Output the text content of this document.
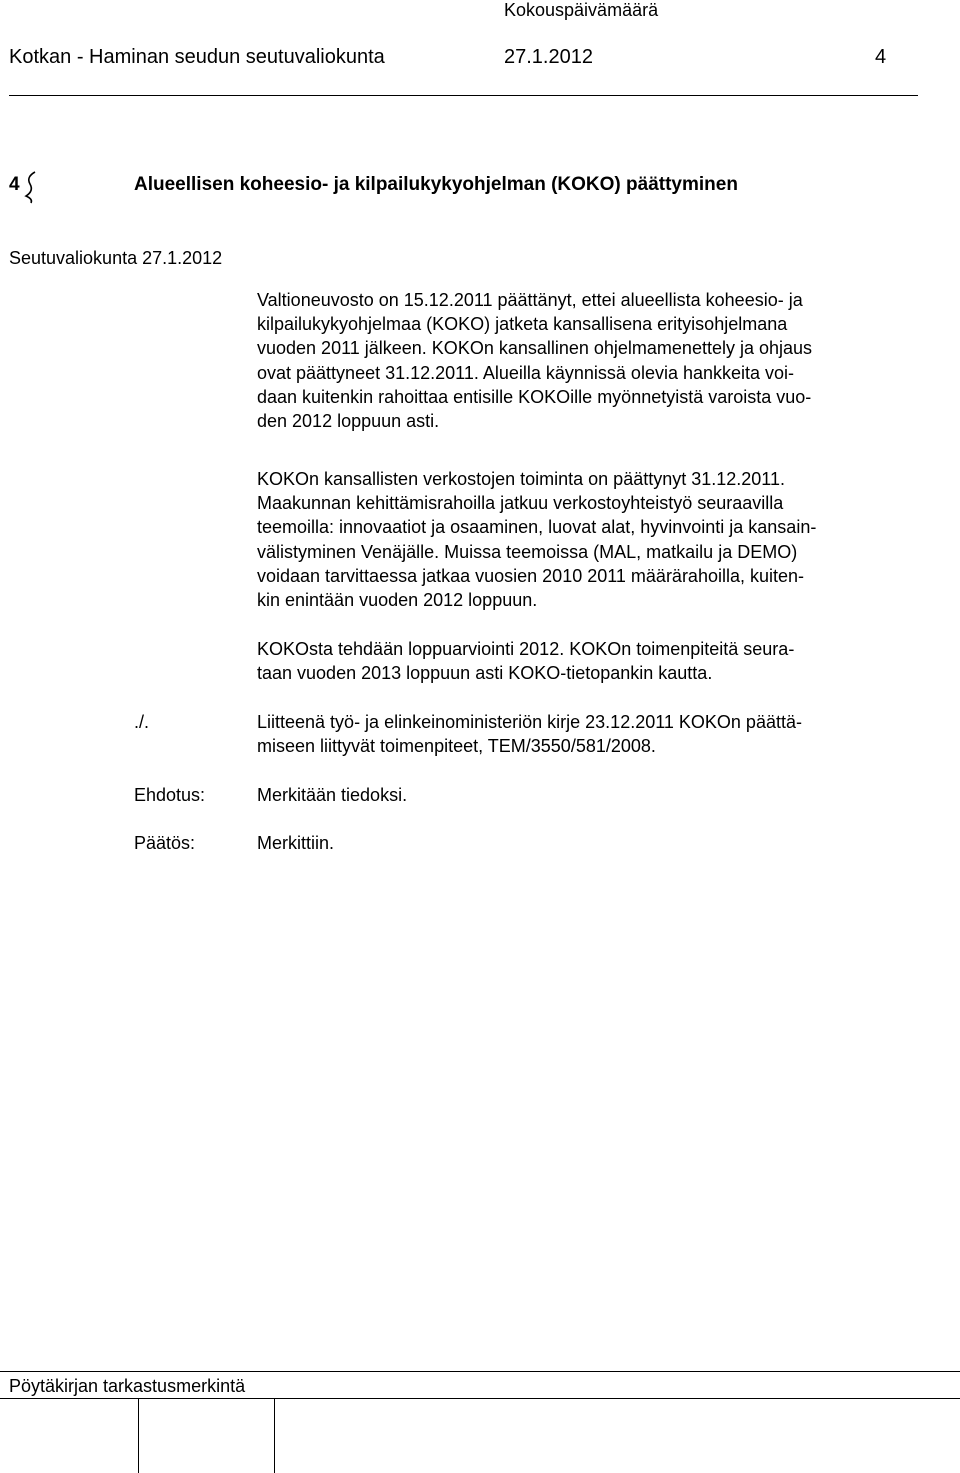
Kokouspäivämäärä
Kotkan - Haminan seudun seutuvaliokunta	27.1.2012	4
4	Alueellisen koheesio- ja kilpailukykyohjelman (KOKO) päättyminen
Seutuvaliokunta 27.1.2012
Valtioneuvosto on 15.12.2011 päättänyt, ettei alueellista koheesio- ja
kilpailukykyohjelmaa (KOKO) jatketa kansallisena erityisohjelmana
vuoden 2011 jälkeen. KOKOn kansallinen ohjelmamenettely ja ohjaus
ovat päättyneet 31.12.2011. Alueilla käynnissä olevia hankkeita voi-
daan kuitenkin rahoittaa entisille KOKOille myönnetyistä varoista vuo-
den 2012 loppuun asti.
KOKOn kansallisten verkostojen toiminta on päättynyt 31.12.2011.
Maakunnan kehittämisrahoilla jatkuu verkostoyhteistyö seuraavilla
teemoilla: innovaatiot ja osaaminen, luovat alat, hyvinvointi ja kansain-
välistyminen Venäjälle. Muissa teemoissa (MAL, matkailu ja DEMO)
voidaan tarvittaessa jatkaa vuosien 2010 2011 määrärahoilla, kuiten-
kin enintään vuoden 2012 loppuun.
KOKOsta tehdään loppuarviointi 2012. KOKOn toimenpiteitä seura-
taan vuoden 2013 loppuun asti KOKO-tietopankin kautta.
./.	Liitteenä työ- ja elinkeinoministeriön kirje 23.12.2011 KOKOn päättä-
miseen liittyvät toimenpiteet, TEM/3550/581/2008.
Ehdotus:	Merkitään tiedoksi.
Päätös:	Merkittiin.
Pöytäkirjan tarkastusmerkintä
